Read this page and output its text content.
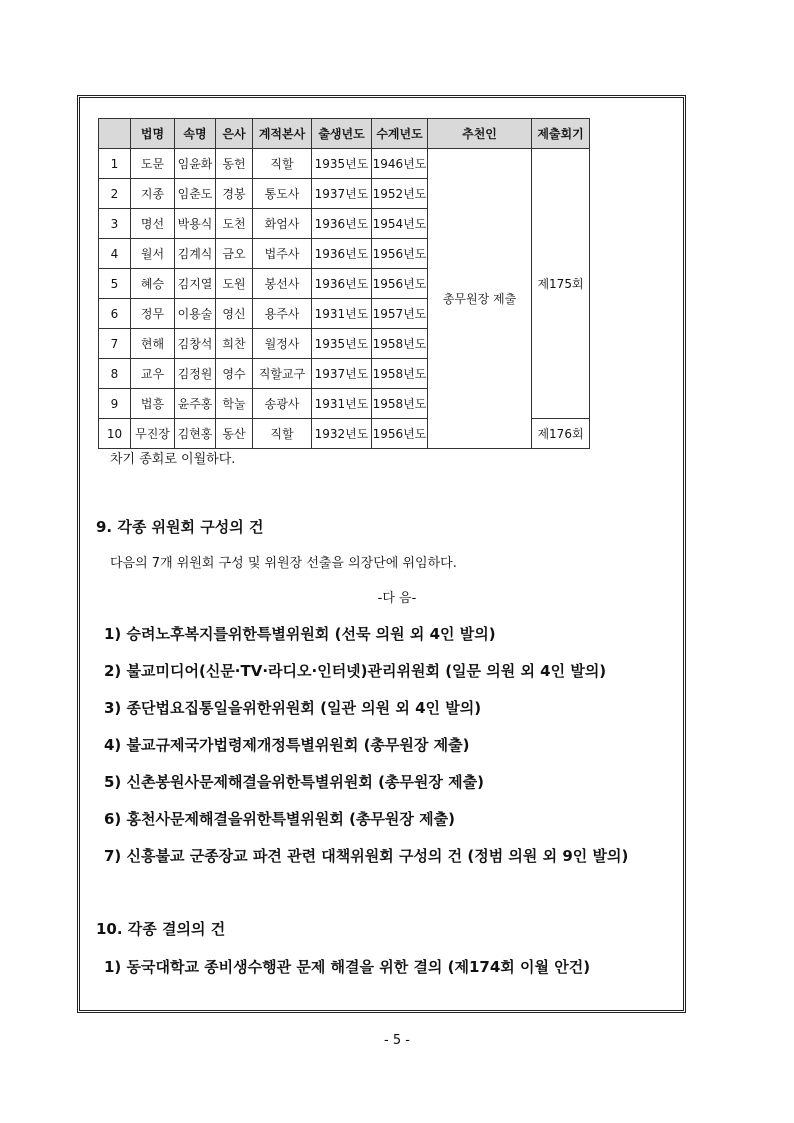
	법명	속명	은사	계적본사	출생년도	수계년도	추천인	제출회기
1	도문	임윤화	동헌	직할	1935년도	1946년도	총무원장 제출	제175회
2	지종	임춘도	경봉	통도사	1937년도	1952년도		
3	명선	박용식	도천	화엄사	1936년도	1954년도		
4	월서	김계식	금오	법주사	1936년도	1956년도		
5	혜승	김지열	도원	봉선사	1936년도	1956년도		
6	정무	이용술	영신	용주사	1931년도	1957년도		
7	현해	김창석	희찬	월정사	1935년도	1958년도		
8	교우	김정원	영수	직할교구	1937년도	1958년도		
9	법흥	윤주홍	학눌	송광사	1931년도	1958년도		
10	무진장	김현홍	동산	직할	1932년도	1956년도		제176회
차기 종회로 이월하다.
9. 각종 위원회 구성의 건
다음의 7개 위원회 구성 및 위원장 선출을 의장단에 위임하다.
-다 음-
1) 승려노후복지를위한특별위원회 (선묵 의원 외 4인 발의)
2) 불교미디어(신문·TV·라디오·인터넷)관리위원회 (일문 의원 외 4인 발의)
3) 종단법요집통일을위한위원회 (일관 의원 외 4인 발의)
4) 불교규제국가법령제개정특별위원회 (총무원장 제출)
5) 신촌봉원사문제해결을위한특별위원회 (총무원장 제출)
6) 홍천사문제해결을위한특별위원회 (총무원장 제출)
7) 신흥불교 군종장교 파견 관련 대책위원회 구성의 건 (정범 의원 외 9인 발의)
10. 각종 결의의 건
1) 동국대학교 종비생수행관 문제 해결을 위한 결의 (제174회 이월 안건)
- 5 -
